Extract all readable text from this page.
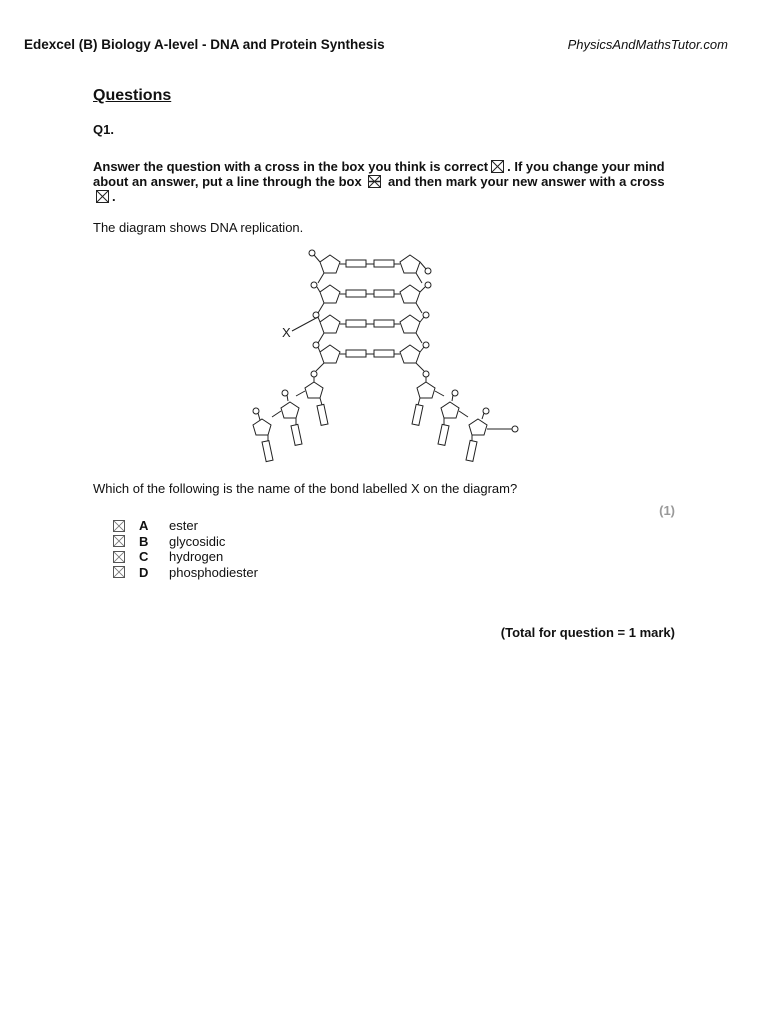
Edexcel (B) Biology A-level - DNA and Protein Synthesis	PhysicsAndMathsTutor.com
Questions
Q1.
Answer the question with a cross in the box you think is correct ☒ . If you change your mind about an answer, put a line through the box and then mark your new answer with a cross
.
The diagram shows DNA replication.
X
Which of the following is the name of the bond labelled X on the diagram?
(1)
A	ester
B	glycosidic
C	hydrogen
D	phosphodiester
(Total for question = 1 mark)
